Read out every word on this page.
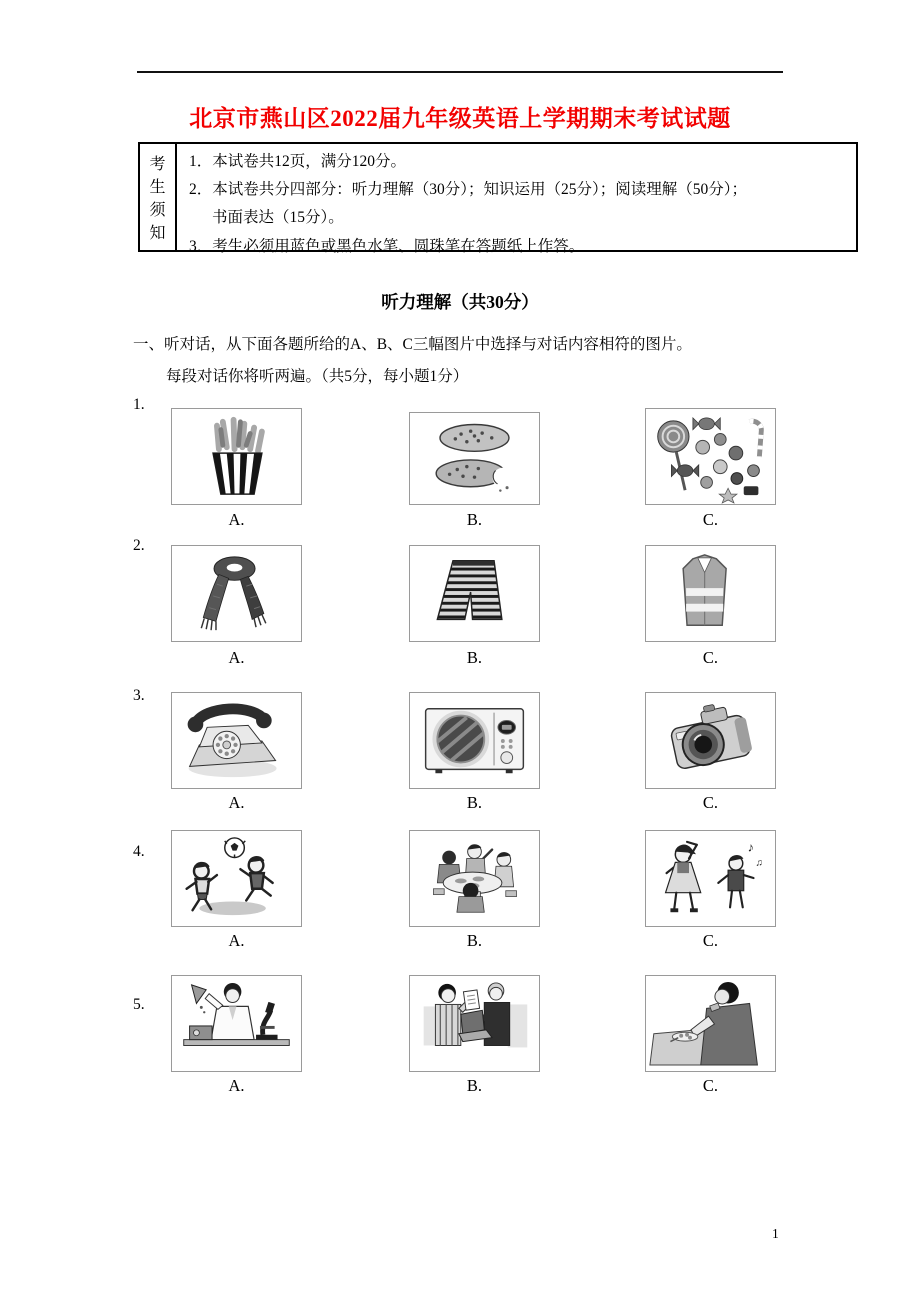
北京市燕山区2022届九年级英语上学期期末考试试题
考
生
须
知
1．本试卷共12页，满分120分。
2．本试卷共分四部分：听力理解（30分）；知识运用（25分）；阅读理解（50分）；
书面表达（15分）。
3．考生必须用蓝色或黑色水笔、圆珠笔在答题纸上作答。
听力理解（共30分）
一、听对话，从下面各题所给的A、B、C三幅图片中选择与对话内容相符的图片。
每段对话你将听两遍。（共5分，每小题1分）
1.
A.	B.	C.
2.
A.	B.	C.
3.
A.	B.	C.
4.	♪
♫
A.	B.	C.
5.
A.	B.	C.
1
